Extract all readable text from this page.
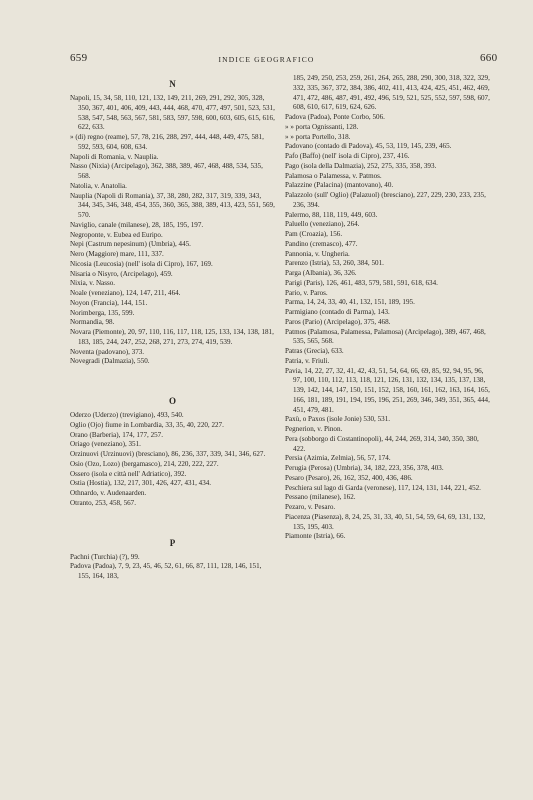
659	INDICE GEOGRAFICO	660
N
Napoli, 15, 34, 58, 110, 121, 132, 149, 211, 269, 291, 292, 305, 328, 350, 367, 401, 406, 409, 443, 444, 468, 470, 477, 497, 501, 523, 531, 538, 547, 548, 563, 567, 581, 583, 597, 598, 600, 603, 605, 615, 616, 622, 633.
» (di) regno (reame), 57, 78, 216, 288, 297, 444, 448, 449, 475, 581, 592, 593, 604, 608, 634.
Napoli di Romania, v. Nauplia.
Nasso (Nixia) (Arcipelago), 362, 388, 389, 467, 468, 488, 534, 535, 568.
Natolia, v. Anatolia.
Nauplia (Napoli di Romania), 37, 38, 280, 282, 317, 319, 339, 343, 344, 345, 346, 348, 454, 355, 360, 365, 388, 389, 413, 423, 551, 569, 570.
Naviglio, canale (milanese), 28, 185, 195, 197.
Negroponte, v. Eubea ed Euripo.
Nepi (Castrum nepesinum) (Umbria), 445.
Nero (Maggiore) mare, 111, 337.
Nicosia (Leucosia) (nell' isola di Cipro), 167, 169.
Nisaria o Nisyro, (Arcipelago), 459.
Nixia, v. Nasso.
Noale (veneziano), 124, 147, 211, 464.
Noyon (Francia), 144, 151.
Norimberga, 135, 599.
Normandia, 98.
Novara (Piemonte), 20, 97, 110, 116, 117, 118, 125, 133, 134, 138, 181, 183, 185, 244, 247, 252, 268, 271, 273, 274, 419, 539.
Noventa (padovano), 373.
Novegradi (Dalmazia), 550.
O
Oderzo (Uderzo) (trevigiano), 493, 540.
Oglio (Ojo) fiume in Lombardia, 33, 35, 40, 220, 227.
Orano (Barberia), 174, 177, 257.
Oriago (veneziano), 351.
Orzinuovi (Urzinuovi) (bresciano), 86, 236, 337, 339, 341, 346, 627.
Osio (Ozo, Lozo) (bergamasco), 214, 220, 222, 227.
Ossero (isola e città nell' Adriatico), 392.
Ostia (Hostia), 132, 217, 301, 426, 427, 431, 434.
Othnardo, v. Audenaarden.
Otranto, 253, 458, 567.
P
Pachni (Turchia) (?), 99.
Padova (Padoa), 7, 9, 23, 45, 46, 52, 61, 66, 87, 111, 128, 146, 151, 155, 164, 183,
185, 249, 250, 253, 259, 261, 264, 265, 288, 290, 300, 318, 322, 329, 332, 335, 367, 372, 384, 386, 402, 411, 413, 424, 425, 451, 462, 469, 471, 472, 486, 487, 491, 492, 496, 519, 521, 525, 552, 597, 598, 607, 608, 610, 617, 619, 624, 626.
Padova (Padoa), Ponte Corbo, 506.
» » porta Ognissanti, 128.
» » porta Portello, 318.
Padovano (contado di Padova), 45, 53, 119, 145, 239, 465.
Pafo (Baffo) (nell' isola di Cipro), 237, 416.
Pago (isola della Dalmazia), 252, 275, 335, 358, 393.
Palamosa o Palamessa, v. Patmos.
Palazzine (Palacina) (mantovano), 40.
Palazzolo (sull' Oglio) (Palazuol) (bresciano), 227, 229, 230, 233, 235, 236, 394.
Palermo, 88, 118, 119, 449, 603.
Paluello (veneziano), 264.
Pam (Croazia), 156.
Pandino (cremasco), 477.
Pannonia, v. Ungheria.
Parenzo (Istria), 53, 260, 384, 501.
Parga (Albania), 36, 326.
Parigi (Paris), 126, 461, 483, 579, 581, 591, 618, 634.
Pario, v. Paros.
Parma, 14, 24, 33, 40, 41, 132, 151, 189, 195.
Parmigiano (contado di Parma), 143.
Paros (Pario) (Arcipelago), 375, 468.
Patmos (Palamosa, Palamessa, Palamosa) (Arcipelago), 389, 467, 468, 535, 565, 568.
Patras (Grecia), 633.
Patria, v. Friuli.
Pavia, 14, 22, 27, 32, 41, 42, 43, 51, 54, 64, 66, 69, 85, 92, 94, 95, 96, 97, 100, 110, 112, 113, 118, 121, 126, 131, 132, 134, 135, 137, 138, 139, 142, 144, 147, 150, 151, 152, 158, 160, 161, 162, 163, 164, 165, 166, 181, 189, 191, 194, 195, 196, 251, 269, 346, 349, 351, 365, 444, 451, 479, 481.
Paxù, o Paxos (isole Jonie) 530, 531.
Pegnerion, v. Pinon.
Pera (sobborgo di Costantinopoli), 44, 244, 269, 314, 340, 350, 380, 422.
Persia (Azimia, Zelmia), 56, 57, 174.
Perugia (Perosa) (Umbria), 34, 182, 223, 356, 378, 403.
Pesaro (Pesaro), 26, 162, 352, 400, 436, 486.
Peschiera sul lago di Garda (veronese), 117, 124, 131, 144, 221, 452.
Pessano (milanese), 162.
Pezaro, v. Pesaro.
Piacenza (Piasenza), 8, 24, 25, 31, 33, 40, 51, 54, 59, 64, 69, 131, 132, 135, 195, 403.
Piamonte (Istria), 66.
